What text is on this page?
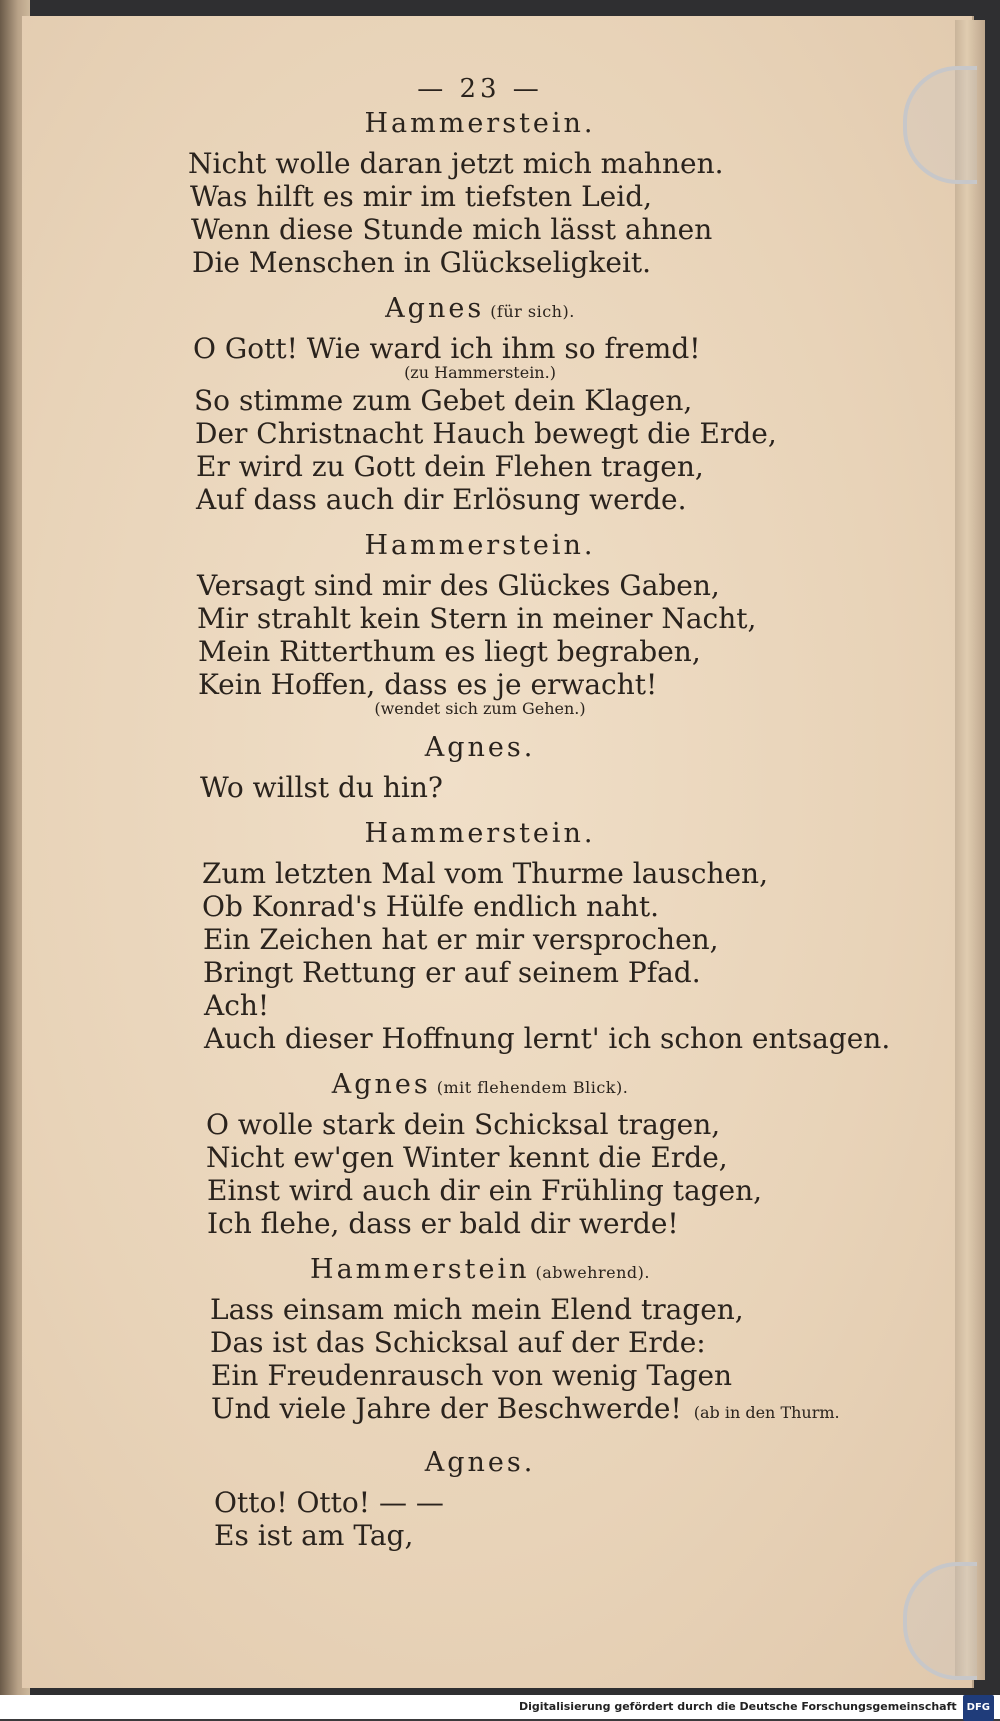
— 23 —
Hammerstein.
Nicht wolle daran jetzt mich mahnen.
Was hilft es mir im tiefsten Leid,
Wenn diese Stunde mich lässt ahnen
Die Menschen in Glückseligkeit.
Agnes (für sich).
O Gott! Wie ward ich ihm so fremd!
(zu Hammerstein.)
So stimme zum Gebet dein Klagen,
Der Christnacht Hauch bewegt die Erde,
Er wird zu Gott dein Flehen tragen,
Auf dass auch dir Erlösung werde.
Hammerstein.
Versagt sind mir des Glückes Gaben,
Mir strahlt kein Stern in meiner Nacht,
Mein Ritterthum es liegt begraben,
Kein Hoffen, dass es je erwacht!
(wendet sich zum Gehen.)
Agnes.
Wo willst du hin?
Hammerstein.
Zum letzten Mal vom Thurme lauschen,
Ob Konrad's Hülfe endlich naht.
Ein Zeichen hat er mir versprochen,
Bringt Rettung er auf seinem Pfad.
Ach!
Auch dieser Hoffnung lernt' ich schon entsagen.
Agnes (mit flehendem Blick).
O wolle stark dein Schicksal tragen,
Nicht ew'gen Winter kennt die Erde,
Einst wird auch dir ein Frühling tagen,
Ich flehe, dass er bald dir werde!
Hammerstein (abwehrend).
Lass einsam mich mein Elend tragen,
Das ist das Schicksal auf der Erde:
Ein Freudenrausch von wenig Tagen
Und viele Jahre der Beschwerde! (ab in den Thurm.
Agnes.
Otto! Otto! — —
Es ist am Tag,
Digitalisierung gefördert durch die Deutsche Forschungsgemeinschaft DFG
